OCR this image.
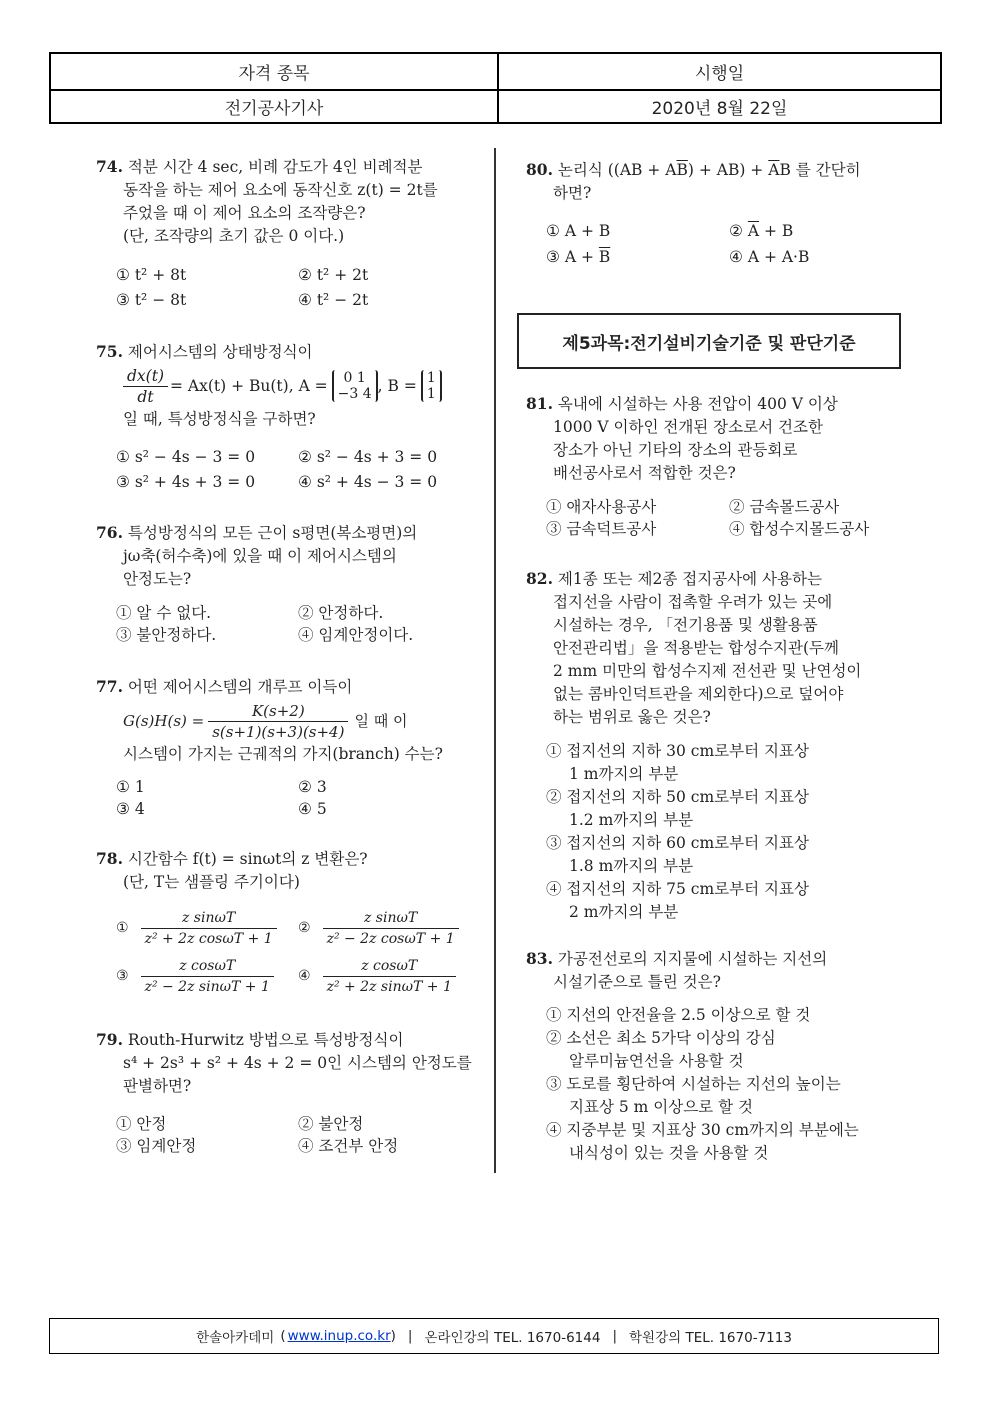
자격 종목	시행일
전기공사기사	2020년 8월 22일
74. 적분 시간 4 sec, 비례 감도가 4인 비례적분
동작을 하는 제어 요소에 동작신호 z(t) = 2t를
주었을 때 이 제어 요소의 조작량은?
(단, 조작량의 초기 값은 0 이다.)
① t² + 8t	② t² + 2t
③ t² − 8t	④ t² − 2t
75. 제어시스템의 상태방정식이
$\frac{dx(t)}{dt} = Ax(t) + Bu(t)$, A =	0 1
−3 4 , B = 1
1
일 때, 특성방정식을 구하면?
① s² − 4s − 3 = 0	② s² − 4s + 3 = 0
③ s² + 4s + 3 = 0	④ s² + 4s − 3 = 0
76. 특성방정식의 모든 근이 s평면(복소평면)의
jω축(허수축)에 있을 때 이 제어시스템의
안정도는?
① 알 수 없다.	② 안정하다.
③ 불안정하다.	④ 임계안정이다.
77. 어떤 제어시스템의 개루프 이득이
$G(s)H(s) = \frac{K(s+2)}{s(s+1)(s+3)(s+4)}$ 일 때 이
시스템이 가지는 근궤적의 가지(branch) 수는?
① 1	② 3
③ 4	④ 5
78. 시간함수 f(t) = sinωt의 z 변환은?
(단, T는 샘플링 주기이다)
① $\frac{\text{z sinωT}}{\text{z² + 2z cosωT + 1}}$ ② $\frac{\text{z sinωT}}{\text{z² − 2z cosωT + 1}}$
③ $\frac{\text{z cosωT}}{\text{z² − 2z sinωT + 1}}$ ④ $\frac{\text{z cosωT}}{\text{z² + 2z sinωT + 1}}$
79. Routh-Hurwitz 방법으로 특성방정식이
s⁴ + 2s³ + s² + 4s + 2 = 0인 시스템의 안정도를
판별하면?
① 안정	② 불안정
③ 임계안정	④ 조건부 안정
80. 논리식 $((AB + A\overline{B}) + AB) + \overline{A}B$ 를 간단히
하면?
① A + B	② $\overline{A} + B$
③ $A + \overline{B}$	④ A + A·B
제5과목:전기설비기술기준 및 판단기준
81. 옥내에 시설하는 사용 전압이 400 V 이상
1000 V 이하인 전개된 장소로서 건조한
장소가 아닌 기타의 장소의 관등회로
배선공사로서 적합한 것은?
① 애자사용공사	② 금속몰드공사
③ 금속덕트공사	④ 합성수지몰드공사
82. 제1종 또는 제2종 접지공사에 사용하는
접지선을 사람이 접촉할 우려가 있는 곳에
시설하는 경우, 「전기용품 및 생활용품
안전관리법」을 적용받는 합성수지관(두께
2 mm 미만의 합성수지제 전선관 및 난연성이
없는 콤바인덕트관을 제외한다)으로 덮어야
하는 범위로 옳은 것은?
① 접지선의 지하 30 cm로부터 지표상
1 m까지의 부분
② 접지선의 지하 50 cm로부터 지표상
1.2 m까지의 부분
③ 접지선의 지하 60 cm로부터 지표상
1.8 m까지의 부분
④ 접지선의 지하 75 cm로부터 지표상
2 m까지의 부분
83. 가공전선로의 지지물에 시설하는 지선의
시설기준으로 틀린 것은?
① 지선의 안전율을 2.5 이상으로 할 것
② 소선은 최소 5가닥 이상의 강심
알루미늄연선을 사용할 것
③ 도로를 횡단하여 시설하는 지선의 높이는
지표상 5 m 이상으로 할 것
④ 지중부분 및 지표상 30 cm까지의 부분에는
내식성이 있는 것을 사용할 것
한솔아카데미 ( www.inup.co.kr ) | 온라인강의 TEL. 1670-6144 | 학원강의 TEL. 1670-7113
